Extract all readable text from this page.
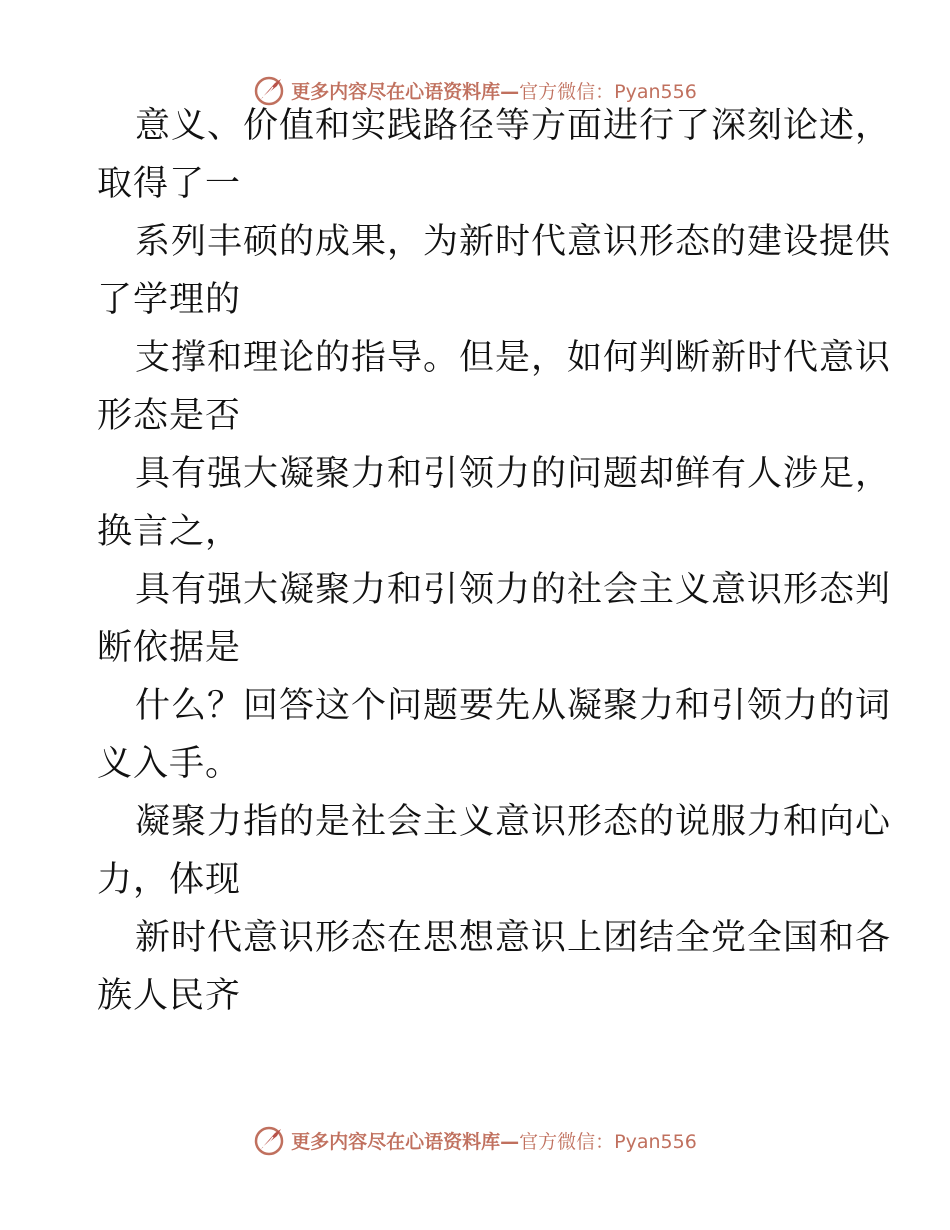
更多内容尽在心语资料库— 官方微信：Pyan556

意义、价值和实践路径等方面进行了深刻论述，

取得了一

系列丰硕的成果，为新时代意识形态的建设提供

了学理的

支撑和理论的指导。但是，如何判断新时代意识

形态是否

具有强大凝聚力和引领力的问题却鲜有人涉足，

换言之，

具有强大凝聚力和引领力的社会主义意识形态判

断依据是

什么？回答这个问题要先从凝聚力和引领力的词

义入手。

凝聚力指的是社会主义意识形态的说服力和向心

力，体现

新时代意识形态在思想意识上团结全党全国和各

族人民齐

更多内容尽在心语资料库— 官方微信：Pyan556
